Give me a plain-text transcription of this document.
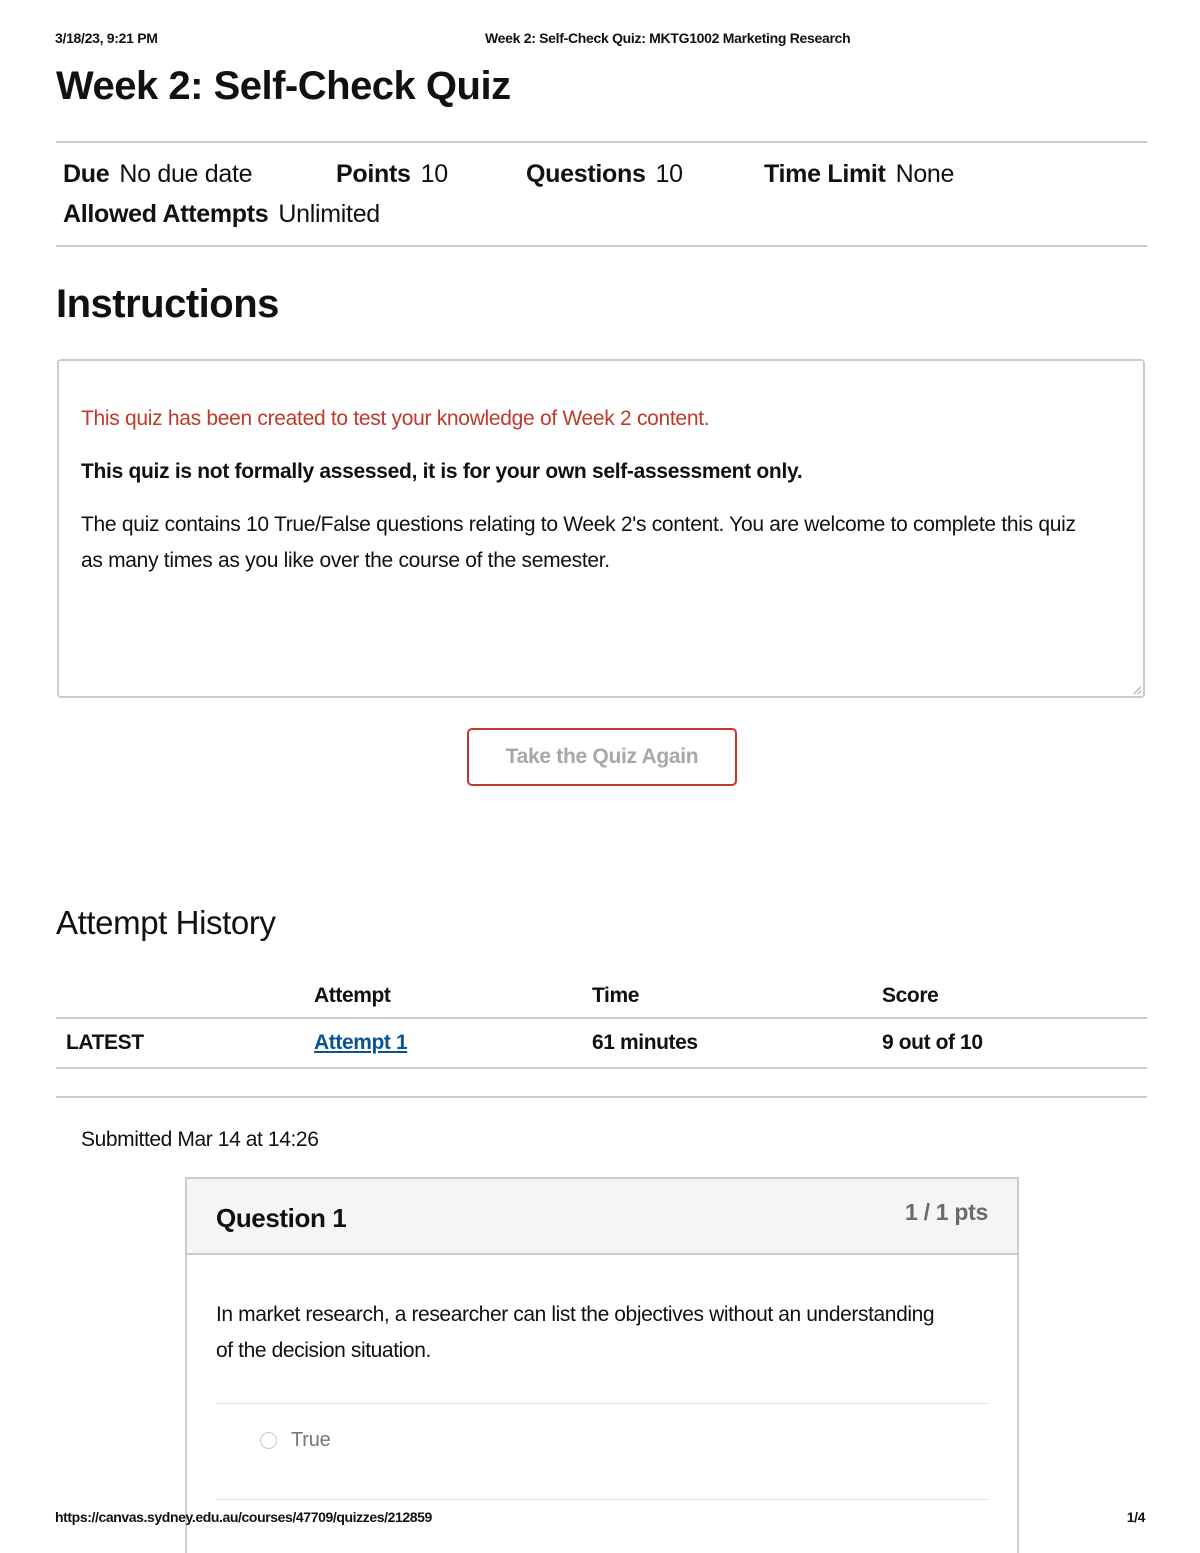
3/18/23, 9:21 PM	Week 2: Self-Check Quiz: MKTG1002 Marketing Research
Week 2: Self-Check Quiz
Due No due date	Points 10	Questions 10	Time Limit None
Allowed Attempts Unlimited
Instructions

This quiz has been created to test your knowledge of Week 2 content.

This quiz is not formally assessed, it is for your own self-assessment only.

The quiz contains 10 True/False questions relating to Week 2's content. You are welcome to complete this quiz as many times as you like over the course of the semester.

Take the Quiz Again
Attempt History
	Attempt	Time	Score
LATEST	Attempt 1	61 minutes	9 out of 10
Submitted Mar 14 at 14:26
Question 1	1 / 1 pts

In market research, a researcher can list the objectives without an understanding of the decision situation.

True
https://canvas.sydney.edu.au/courses/47709/quizzes/212859	1/4
